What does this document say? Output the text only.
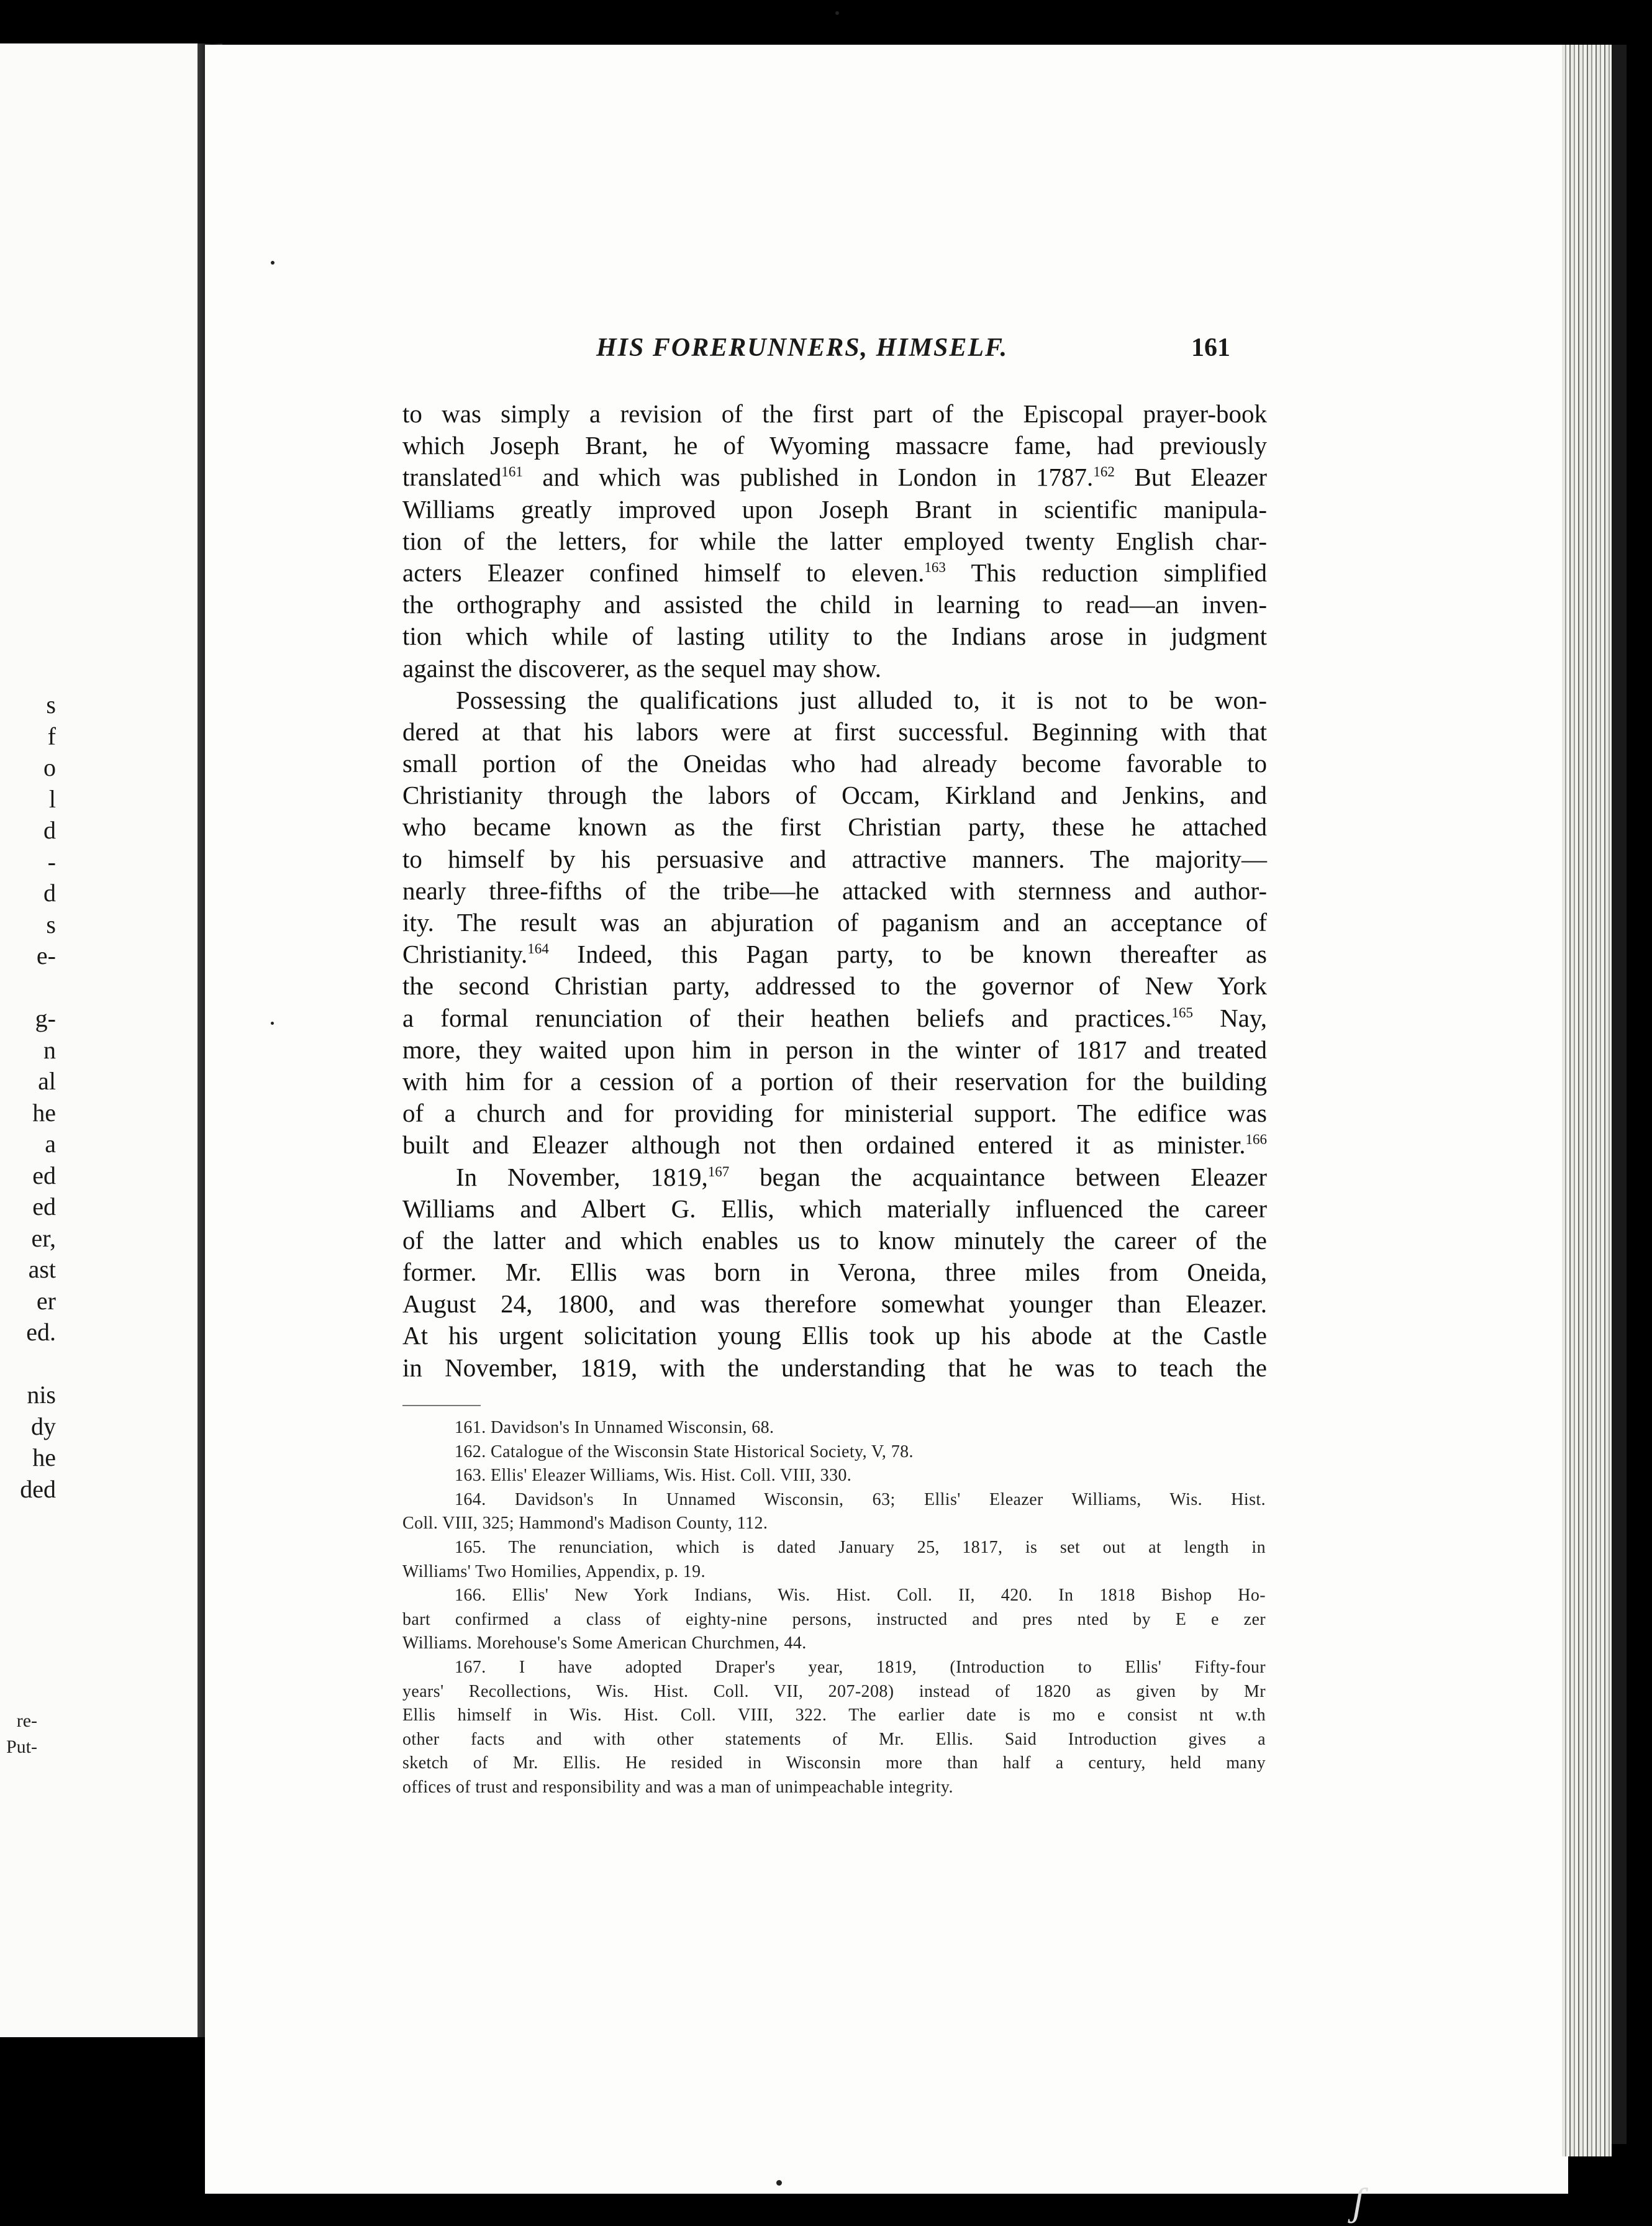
s
f
o
l
d
-
d
s
e-
g-
n
al
he
a
ed
ed
er,
ast
er
ed.
nis
dy
he
ded
re-
Put-
HIS FORERUNNERS, HIMSELF.	161
to was simply a revision of the first part of the Episcopal prayer-book
which Joseph Brant, he of Wyoming massacre fame, had previously
translated$^{161}$ and which was published in London in 1787.$^{162}$ But Eleazer
Williams greatly improved upon Joseph Brant in scientific manipula-
tion of the letters, for while the latter employed twenty English char-
acters Eleazer confined himself to eleven.$^{163}$ This reduction simplified
the orthography and assisted the child in learning to read—an inven-
tion which while of lasting utility to the Indians arose in judgment
against the discoverer, as the sequel may show.
Possessing the qualifications just alluded to, it is not to be won-
dered at that his labors were at first successful. Beginning with that
small portion of the Oneidas who had already become favorable to
Christianity through the labors of Occam, Kirkland and Jenkins, and
who became known as the first Christian party, these he attached
to himself by his persuasive and attractive manners. The majority—
nearly three-fifths of the tribe—he attacked with sternness and author-
ity. The result was an abjuration of paganism and an acceptance of
Christianity.$^{164}$ Indeed, this Pagan party, to be known thereafter as
the second Christian party, addressed to the governor of New York
a formal renunciation of their heathen beliefs and practices.$^{165}$ Nay,
more, they waited upon him in person in the winter of 1817 and treated
with him for a cession of a portion of their reservation for the building
of a church and for providing for ministerial support. The edifice was
built and Eleazer although not then ordained entered it as minister.$^{166}$
In November, 1819,$^{167}$ began the acquaintance between Eleazer
Williams and Albert G. Ellis, which materially influenced the career
of the latter and which enables us to know minutely the career of the
former. Mr. Ellis was born in Verona, three miles from Oneida,
August 24, 1800, and was therefore somewhat younger than Eleazer.
At his urgent solicitation young Ellis took up his abode at the Castle
in November, 1819, with the understanding that he was to teach the
161. Davidson's In Unnamed Wisconsin, 68.
162. Catalogue of the Wisconsin State Historical Society, V, 78.
163. Ellis' Eleazer Williams, Wis. Hist. Coll. VIII, 330.
164. Davidson's In Unnamed Wisconsin, 63; Ellis' Eleazer Williams, Wis. Hist.
Coll. VIII, 325; Hammond's Madison County, 112.
165. The renunciation, which is dated January 25, 1817, is set out at length in
Williams' Two Homilies, Appendix, p. 19.
166. Ellis' New York Indians, Wis. Hist. Coll. II, 420. In 1818 Bishop Ho-
bart confirmed a class of eighty-nine persons, instructed and pres nted by E e zer
Williams. Morehouse's Some American Churchmen, 44.
167. I have adopted Draper's year, 1819, (Introduction to Ellis' Fifty-four
years' Recollections, Wis. Hist. Coll. VII, 207-208) instead of 1820 as given by Mr
Ellis himself in Wis. Hist. Coll. VIII, 322. The earlier date is mo e consist nt w.th
other facts and with other statements of Mr. Ellis. Said Introduction gives a
sketch of Mr. Ellis. He resided in Wisconsin more than half a century, held many
offices of trust and responsibility and was a man of unimpeachable integrity.
ʃ
